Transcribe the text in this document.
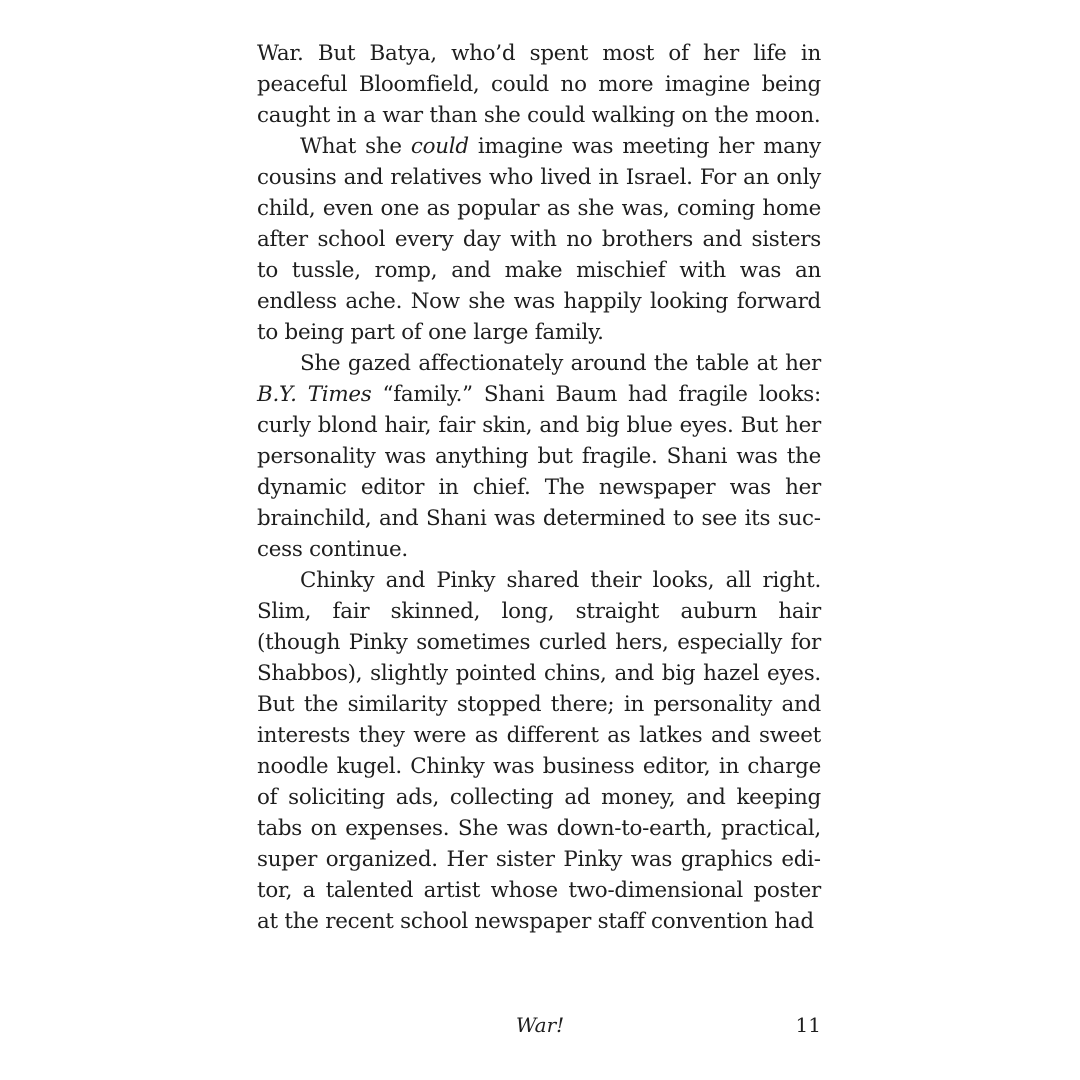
War. But Batya, who’d spent most of her life in peaceful Bloomfield, could no more imagine being caught in a war than she could walking on the moon.

What she could imagine was meeting her many cousins and relatives who lived in Israel. For an only child, even one as popular as she was, coming home after school every day with no brothers and sisters to tussle, romp, and make mischief with was an endless ache. Now she was happily looking forward to being part of one large family.

She gazed affectionately around the table at her B.Y. Times “family.” Shani Baum had fragile looks: curly blond hair, fair skin, and big blue eyes. But her personality was anything but fragile. Shani was the dynamic editor in chief. The newspaper was her brainchild, and Shani was determined to see its success continue.

Chinky and Pinky shared their looks, all right. Slim, fair skinned, long, straight auburn hair (though Pinky sometimes curled hers, especially for Shabbos), slightly pointed chins, and big hazel eyes. But the similarity stopped there; in personality and interests they were as different as latkes and sweet noodle kugel. Chinky was business editor, in charge of soliciting ads, collecting ad money, and keeping tabs on expenses. She was down-to-earth, practical, super organized. Her sister Pinky was graphics editor, a talented artist whose two-dimensional poster at the recent school newspaper staff convention had

War!	11
